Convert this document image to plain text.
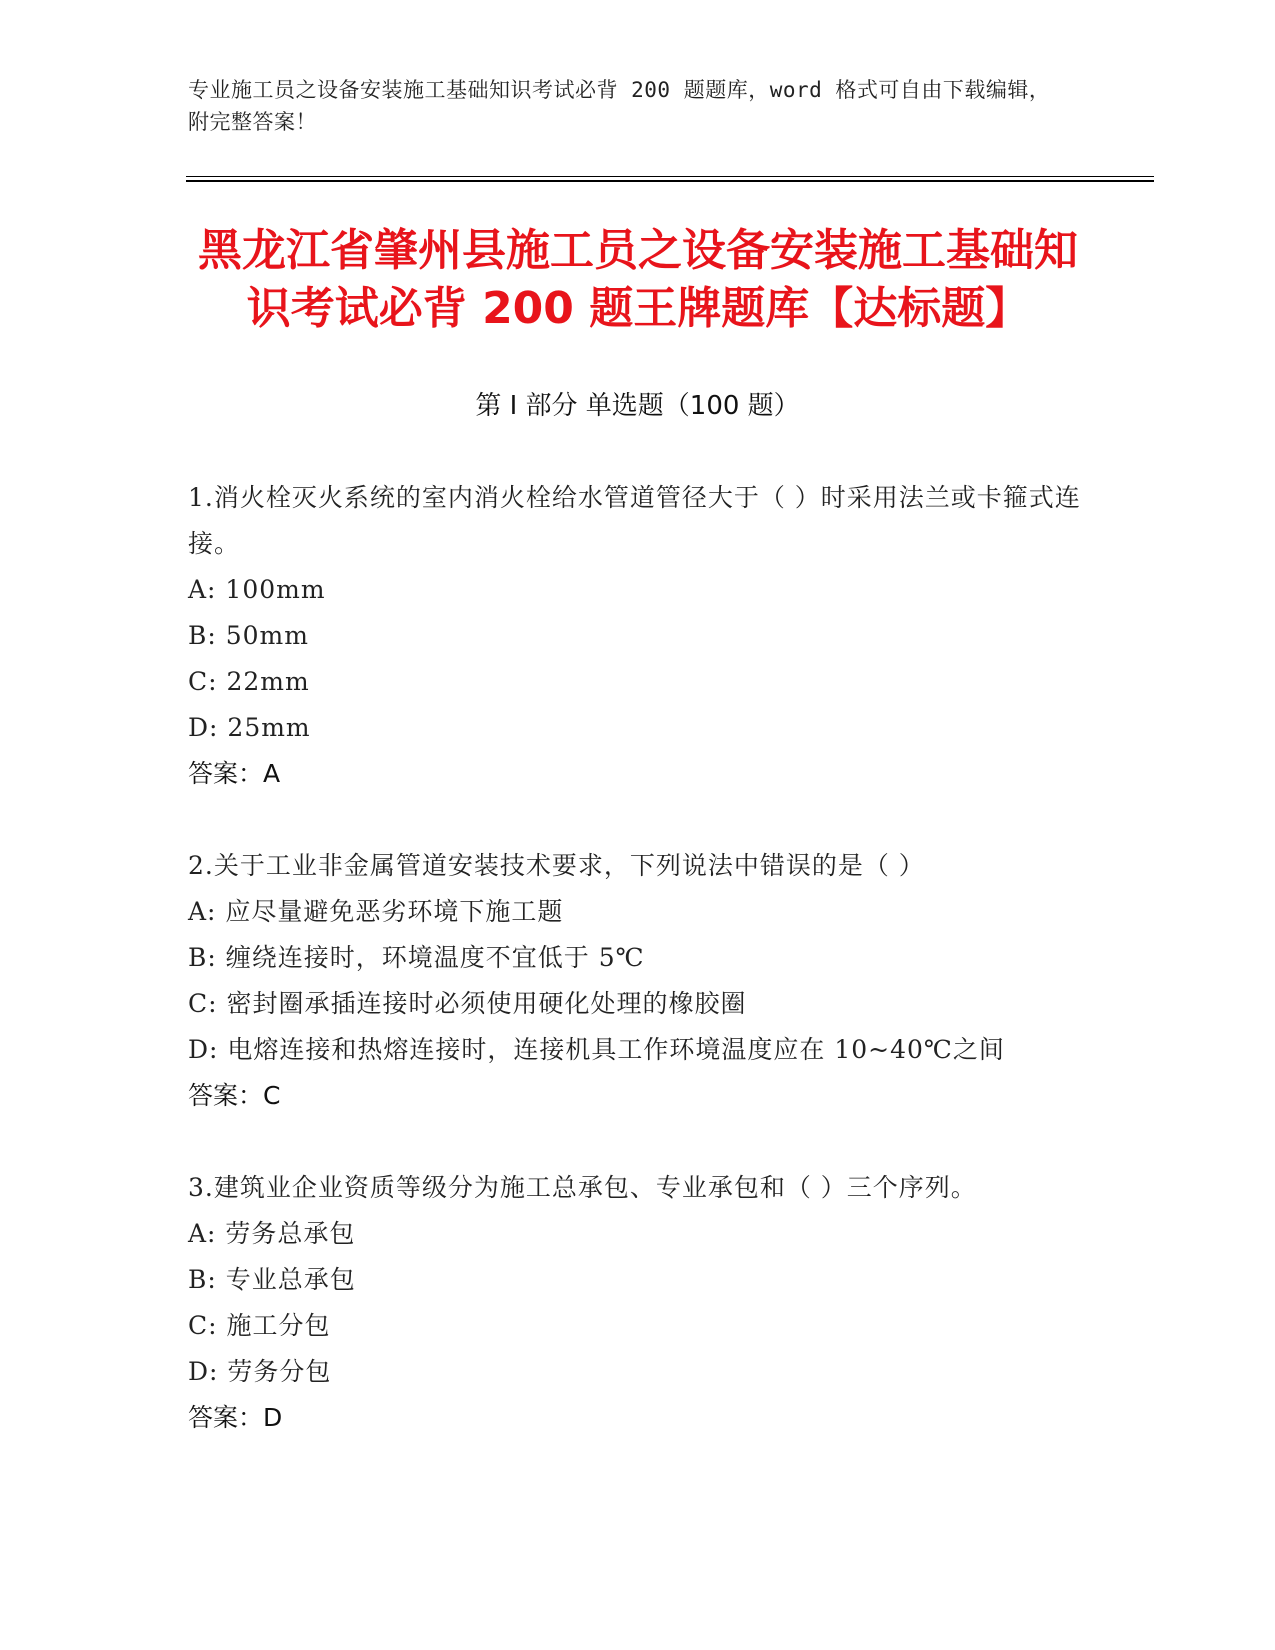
专业施工员之设备安装施工基础知识考试必背 200 题题库，word 格式可自由下载编辑，附完整答案！
黑龙江省肇州县施工员之设备安装施工基础知识考试必背 200 题王牌题库【达标题】
第 I 部分 单选题（100 题）
1.消火栓灭火系统的室内消火栓给水管道管径大于（ ）时采用法兰或卡箍式连接。
A: 100mm
B: 50mm
C: 22mm
D: 25mm
答案：A
2.关于工业非金属管道安装技术要求，下列说法中错误的是（ ）
A: 应尽量避免恶劣环境下施工题
B: 缠绕连接时，环境温度不宜低于 5℃
C: 密封圈承插连接时必须使用硬化处理的橡胶圈
D: 电熔连接和热熔连接时，连接机具工作环境温度应在 10~40℃之间
答案：C
3.建筑业企业资质等级分为施工总承包、专业承包和（ ）三个序列。
A: 劳务总承包
B: 专业总承包
C: 施工分包
D: 劳务分包
答案：D
